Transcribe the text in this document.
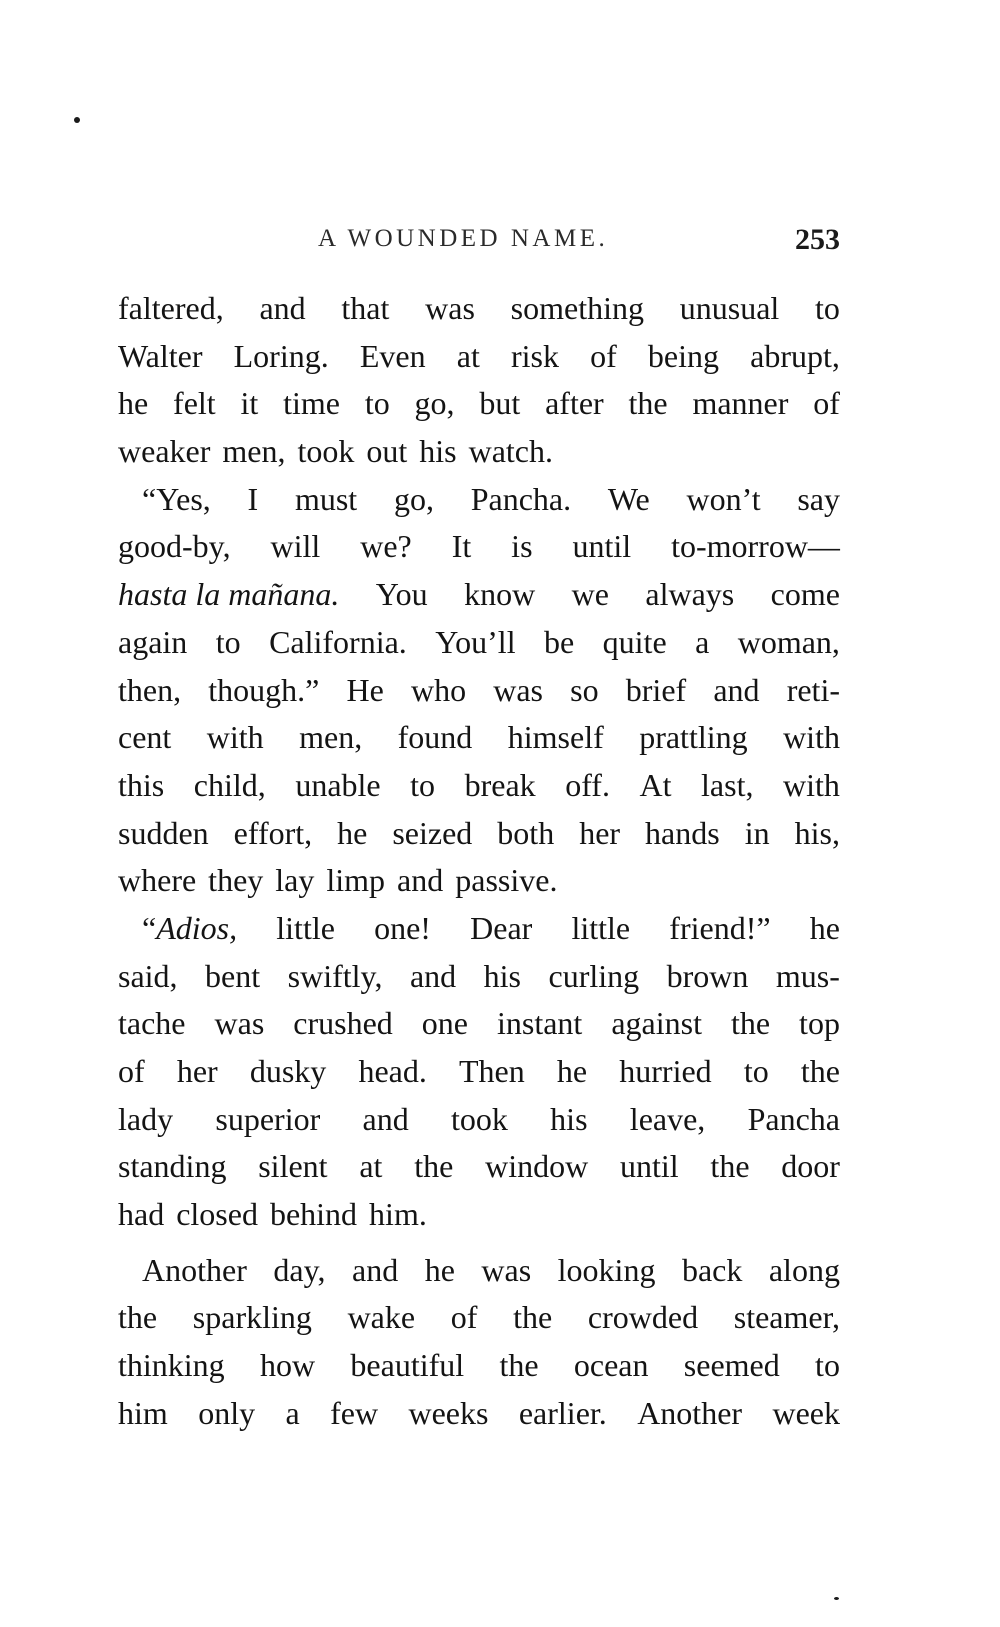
A WOUNDED NAME.	253
faltered, and that was something unusual to
Walter Loring. Even at risk of being abrupt,
he felt it time to go, but after the manner of
weaker men, took out his watch.
“Yes, I must go, Pancha. We won’t say
good-by, will we? It is until to-morrow—
hasta la mañana. You know we always come
again to California. You’ll be quite a woman,
then, though.” He who was so brief and reti-
cent with men, found himself prattling with
this child, unable to break off. At last, with
sudden effort, he seized both her hands in his,
where they lay limp and passive.
“Adios, little one! Dear little friend!” he
said, bent swiftly, and his curling brown mus-
tache was crushed one instant against the top
of her dusky head. Then he hurried to the
lady superior and took his leave, Pancha
standing silent at the window until the door
had closed behind him.
Another day, and he was looking back along
the sparkling wake of the crowded steamer,
thinking how beautiful the ocean seemed to
him only a few weeks earlier. Another week
